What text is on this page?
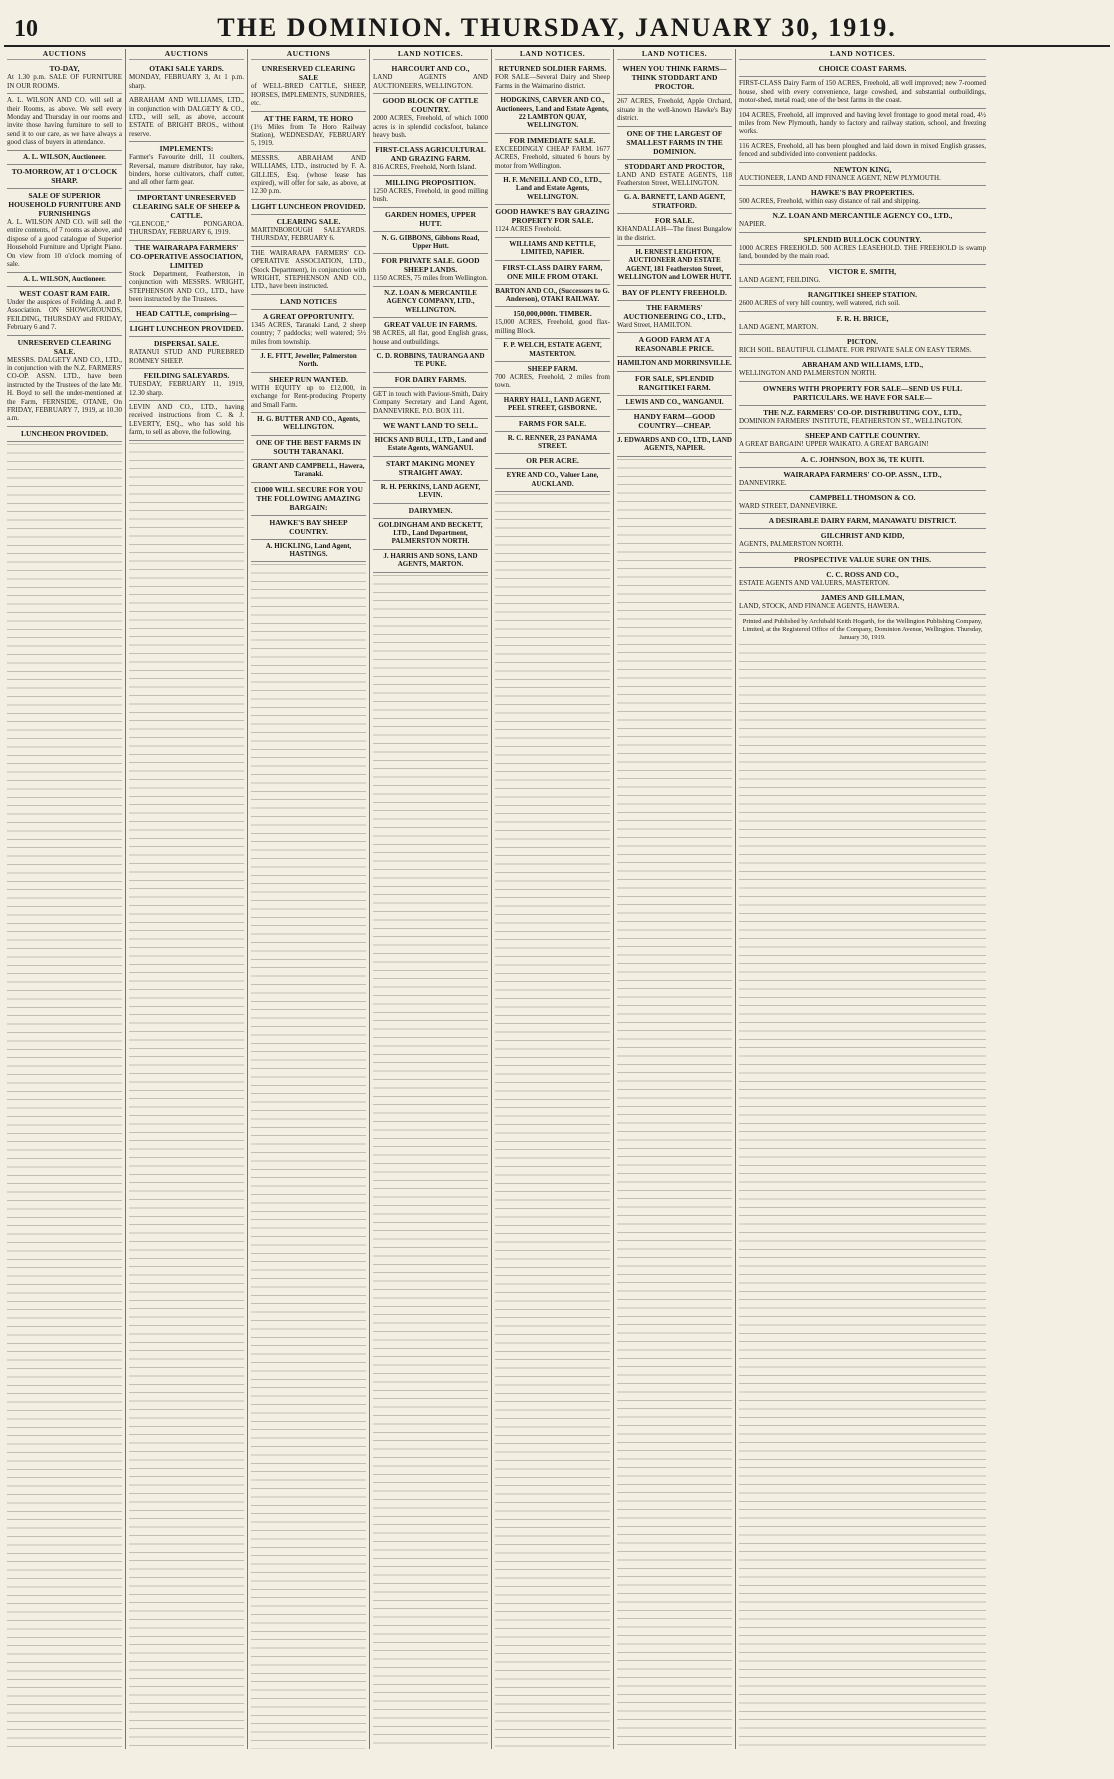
10	THE DOMINION. THURSDAY, JANUARY 30, 1919.
AUCTIONS
TO-DAY,
At 1.30 p.m. SALE OF FURNITURE IN OUR ROOMS.
A. L. WILSON AND CO. will sell at their Rooms, as above. We sell every Monday and Thursday in our rooms and invite those having furniture to sell to send it to our care, as we have always a good class of buyers in attendance.
A. L. WILSON, Auctioneer.
TO-MORROW, AT 1 O'CLOCK SHARP.
SALE OF SUPERIOR HOUSEHOLD FURNITURE AND FURNISHINGS
A. L. WILSON AND CO. will sell the entire contents, of 7 rooms as above, and dispose of a good catalogue of Superior Household Furniture and Upright Piano. On view from 10 o'clock morning of sale.
A. L. WILSON, Auctioneer.
WEST COAST RAM FAIR.
Under the auspices of Feilding A. and P. Association. ON SHOWGROUNDS, FEILDING, THURSDAY and FRIDAY, February 6 and 7.
UNRESERVED CLEARING SALE.
MESSRS. DALGETY AND CO., LTD., in conjunction with the N.Z. FARMERS' CO-OP. ASSN. LTD., have been instructed by the Trustees of the late Mr. H. Boyd to sell the under-mentioned at the Farm, FERNSIDE, OTANE, On FRIDAY, FEBRUARY 7, 1919, at 10.30 a.m.
LUNCHEON PROVIDED.
AUCTIONS
OTAKI SALE YARDS.
MONDAY, FEBRUARY 3, At 1 p.m. sharp.
ABRAHAM AND WILLIAMS, LTD., in conjunction with DALGETY & CO., LTD., will sell, as above, account ESTATE of BRIGHT BROS., without reserve.
IMPLEMENTS:
Farmer's Favourite drill, 11 coulters, Reversal, manure distributor, hay rake, binders, horse cultivators, chaff cutter, and all other farm gear.
IMPORTANT UNRESERVED CLEARING SALE OF SHEEP & CATTLE.
"GLENCOE," PONGAROA. THURSDAY, FEBRUARY 6, 1919.
THE WAIRARAPA FARMERS' CO-OPERATIVE ASSOCIATION, LIMITED
Stock Department, Featherston, in conjunction with MESSRS. WRIGHT, STEPHENSON AND CO., LTD., have been instructed by the Trustees.
HEAD CATTLE, comprising—
LIGHT LUNCHEON PROVIDED.
DISPERSAL SALE.
RATANUI STUD AND PUREBRED ROMNEY SHEEP.
FEILDING SALEYARDS.
TUESDAY, FEBRUARY 11, 1919, 12.30 sharp.
LEVIN AND CO., LTD., having received instructions from C. & J. LEVERTY, ESQ., who has sold his farm, to sell as above, the following.
AUCTIONS
UNRESERVED CLEARING SALE
of WELL-BRED CATTLE, SHEEP, HORSES, IMPLEMENTS, SUNDRIES, etc.
AT THE FARM, TE HORO
(1½ Miles from Te Horo Railway Station), WEDNESDAY, FEBRUARY 5, 1919.
MESSRS. ABRAHAM AND WILLIAMS, LTD., instructed by F. A. GILLIES, Esq. (whose lease has expired), will offer for sale, as above, at 12.30 p.m.
LIGHT LUNCHEON PROVIDED.
CLEARING SALE.
MARTINBOROUGH SALEYARDS. THURSDAY, FEBRUARY 6.
THE WAIRARAPA FARMERS' CO-OPERATIVE ASSOCIATION, LTD., (Stock Department), in conjunction with WRIGHT, STEPHENSON AND CO., LTD., have been instructed.
LAND NOTICES
A GREAT OPPORTUNITY.
1345 ACRES, Taranaki Land, 2 sheep country; 7 paddocks; well watered; 5½ miles from township.
J. E. FITT, Jeweller, Palmerston North.
SHEEP RUN WANTED.
WITH EQUITY up to £12,000, in exchange for Rent-producing Property and Small Farm.
H. G. BUTTER AND CO., Agents, WELLINGTON.
ONE OF THE BEST FARMS IN SOUTH TARANAKI.
GRANT AND CAMPBELL, Hawera, Taranaki.
£1000 WILL SECURE FOR YOU THE FOLLOWING AMAZING BARGAIN:
HAWKE'S BAY SHEEP COUNTRY.
A. HICKLING, Land Agent, HASTINGS.
LAND NOTICES.
HARCOURT AND CO.,
LAND AGENTS AND AUCTIONEERS, WELLINGTON.
GOOD BLOCK OF CATTLE COUNTRY.
2000 ACRES, Freehold, of which 1000 acres is in splendid cocksfoot, balance heavy bush.
FIRST-CLASS AGRICULTURAL AND GRAZING FARM.
816 ACRES, Freehold, North Island.
MILLING PROPOSITION.
1250 ACRES, Freehold, in good milling bush.
GARDEN HOMES, UPPER HUTT.
N. G. GIBBONS, Gibbons Road, Upper Hutt.
FOR PRIVATE SALE. GOOD SHEEP LANDS.
1150 ACRES, 75 miles from Wellington.
N.Z. LOAN & MERCANTILE AGENCY COMPANY, LTD., WELLINGTON.
GREAT VALUE IN FARMS.
98 ACRES, all flat, good English grass, house and outbuildings.
C. D. ROBBINS, TAURANGA AND TE PUKE.
FOR DAIRY FARMS.
GET in touch with Paviour-Smith, Dairy Company Secretary and Land Agent, DANNEVIRKE. P.O. BOX 111.
WE WANT LAND TO SELL.
HICKS AND BULL, LTD., Land and Estate Agents, WANGANUI.
START MAKING MONEY STRAIGHT AWAY.
R. H. PERKINS, LAND AGENT, LEVIN.
DAIRYMEN.
GOLDINGHAM AND BECKETT, LTD., Land Department, PALMERSTON NORTH.
J. HARRIS AND SONS, LAND AGENTS, MARTON.
LAND NOTICES.
RETURNED SOLDIER FARMS.
FOR SALE—Several Dairy and Sheep Farms in the Waimarino district.
HODGKINS, CARVER AND CO., Auctioneers, Land and Estate Agents, 22 LAMBTON QUAY, WELLINGTON.
FOR IMMEDIATE SALE.
EXCEEDINGLY CHEAP FARM. 1677 ACRES, Freehold, situated 6 hours by motor from Wellington.
H. F. McNEILL AND CO., LTD., Land and Estate Agents, WELLINGTON.
GOOD HAWKE'S BAY GRAZING PROPERTY FOR SALE.
1124 ACRES Freehold.
WILLIAMS AND KETTLE, LIMITED, NAPIER.
FIRST-CLASS DAIRY FARM, ONE MILE FROM OTAKI.
BARTON AND CO., (Successors to G. Anderson), OTAKI RAILWAY.
150,000,000ft. TIMBER.
15,000 ACRES, Freehold, good flax-milling Block.
F. P. WELCH, ESTATE AGENT, MASTERTON.
SHEEP FARM.
700 ACRES, Freehold, 2 miles from town.
HARRY HALL, LAND AGENT, PEEL STREET, GISBORNE.
FARMS FOR SALE.
R. C. RENNER, 23 PANAMA STREET.
OR PER ACRE.
EYRE AND CO., Valuer Lane, AUCKLAND.
LAND NOTICES.
WHEN YOU THINK FARMS—THINK STODDART AND PROCTOR.
267 ACRES, Freehold, Apple Orchard, situate in the well-known Hawke's Bay district.
ONE OF THE LARGEST OF SMALLEST FARMS IN THE DOMINION.
STODDART AND PROCTOR,
LAND AND ESTATE AGENTS, 118 Featherston Street, WELLINGTON.
G. A. BARNETT, LAND AGENT, STRATFORD.
FOR SALE.
KHANDALLAH—The finest Bungalow in the district.
H. ERNEST LEIGHTON, AUCTIONEER AND ESTATE AGENT, 181 Featherston Street, WELLINGTON and LOWER HUTT.
BAY OF PLENTY FREEHOLD.
THE FARMERS' AUCTIONEERING CO., LTD.,
Ward Street, HAMILTON.
A GOOD FARM AT A REASONABLE PRICE.
HAMILTON AND MORRINSVILLE.
FOR SALE, SPLENDID RANGITIKEI FARM.
LEWIS AND CO., WANGANUI.
HANDY FARM—GOOD COUNTRY—CHEAP.
J. EDWARDS AND CO., LTD., LAND AGENTS, NAPIER.
LAND NOTICES.
CHOICE COAST FARMS.
FIRST-CLASS Dairy Farm of 150 ACRES, Freehold, all well improved; new 7-roomed house, shed with every convenience, large cowshed, and substantial outbuildings, motor-shed, metal road; one of the best farms in the coast.
104 ACRES, Freehold, all improved and having level frontage to good metal road, 4½ miles from New Plymouth, handy to factory and railway station, school, and freezing works.
116 ACRES, Freehold, all has been ploughed and laid down in mixed English grasses, fenced and subdivided into convenient paddocks.
NEWTON KING,
AUCTIONEER, LAND AND FINANCE AGENT, NEW PLYMOUTH.
HAWKE'S BAY PROPERTIES.
500 ACRES, Freehold, within easy distance of rail and shipping.
N.Z. LOAN AND MERCANTILE AGENCY CO., LTD.,
NAPIER.
SPLENDID BULLOCK COUNTRY.
1000 ACRES FREEHOLD. 500 ACRES LEASEHOLD. THE FREEHOLD is swamp land, bounded by the main road.
VICTOR E. SMITH,
LAND AGENT, FEILDING.
RANGITIKEI SHEEP STATION.
2600 ACRES of very hill country, well watered, rich soil.
F. R. H. BRICE,
LAND AGENT, MARTON.
PICTON.
RICH SOIL. BEAUTIFUL CLIMATE. FOR PRIVATE SALE ON EASY TERMS.
ABRAHAM AND WILLIAMS, LTD.,
WELLINGTON AND PALMERSTON NORTH.
OWNERS WITH PROPERTY FOR SALE—SEND US FULL PARTICULARS. WE HAVE FOR SALE—
THE N.Z. FARMERS' CO-OP. DISTRIBUTING COY., LTD.,
DOMINION FARMERS' INSTITUTE, FEATHERSTON ST., WELLINGTON.
SHEEP AND CATTLE COUNTRY.
A GREAT BARGAIN! UPPER WAIKATO. A GREAT BARGAIN!
A. C. JOHNSON, BOX 36, TE KUITI.
WAIRARAPA FARMERS' CO-OP. ASSN., LTD.,
DANNEVIRKE.
CAMPBELL THOMSON & CO.
WARD STREET, DANNEVIRKE.
A DESIRABLE DAIRY FARM, MANAWATU DISTRICT.
GILCHRIST AND KIDD,
AGENTS, PALMERSTON NORTH.
PROSPECTIVE VALUE SURE ON THIS.
C. C. ROSS AND CO.,
ESTATE AGENTS AND VALUERS, MASTERTON.
JAMES AND GILLMAN,
LAND, STOCK, AND FINANCE AGENTS, HAWERA.
Printed and Published by Archibald Keith Hogarth, for the Wellington Publishing Company, Limited, at the Registered Office of the Company, Dominion Avenue, Wellington. Thursday, January 30, 1919.
